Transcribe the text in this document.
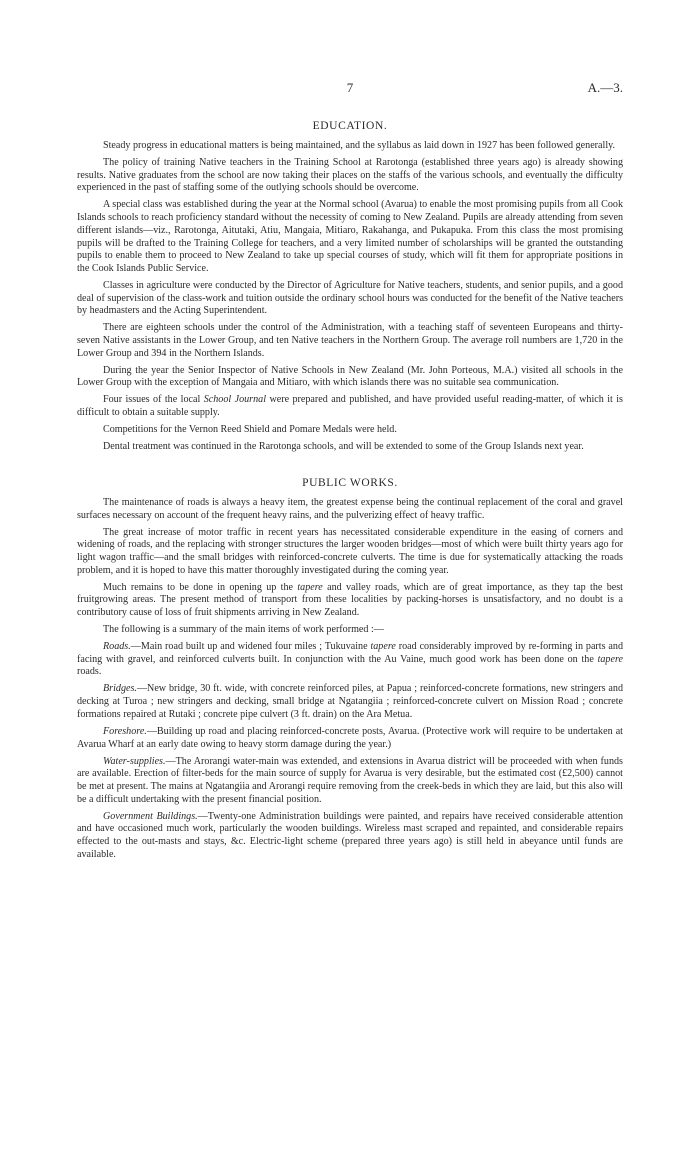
7	A.—3.
EDUCATION.

Steady progress in educational matters is being maintained, and the syllabus as laid down in 1927 has been followed generally.

The policy of training Native teachers in the Training School at Rarotonga (established three years ago) is already showing results. Native graduates from the school are now taking their places on the staffs of the various schools, and eventually the difficulty experienced in the past of staffing some of the outlying schools should be overcome.

A special class was established during the year at the Normal school (Avarua) to enable the most promising pupils from all Cook Islands schools to reach proficiency standard without the necessity of coming to New Zealand. Pupils are already attending from seven different islands—viz., Rarotonga, Aitutaki, Atiu, Mangaia, Mitiaro, Rakahanga, and Pukapuka. From this class the most promising pupils will be drafted to the Training College for teachers, and a very limited number of scholarships will be granted the outstanding pupils to enable them to proceed to New Zealand to take up special courses of study, which will fit them for appropriate positions in the Cook Islands Public Service.

Classes in agriculture were conducted by the Director of Agriculture for Native teachers, students, and senior pupils, and a good deal of supervision of the class-work and tuition outside the ordinary school hours was conducted for the benefit of the Native teachers by headmasters and the Acting Superintendent.

There are eighteen schools under the control of the Administration, with a teaching staff of seventeen Europeans and thirty-seven Native assistants in the Lower Group, and ten Native teachers in the Northern Group. The average roll numbers are 1,720 in the Lower Group and 394 in the Northern Islands.

During the year the Senior Inspector of Native Schools in New Zealand (Mr. John Porteous, M.A.) visited all schools in the Lower Group with the exception of Mangaia and Mitiaro, with which islands there was no suitable sea communication.

Four issues of the local School Journal were prepared and published, and have provided useful reading-matter, of which it is difficult to obtain a suitable supply.

Competitions for the Vernon Reed Shield and Pomare Medals were held.

Dental treatment was continued in the Rarotonga schools, and will be extended to some of the Group Islands next year.

PUBLIC WORKS.

The maintenance of roads is always a heavy item, the greatest expense being the continual replacement of the coral and gravel surfaces necessary on account of the frequent heavy rains, and the pulverizing effect of heavy traffic.

The great increase of motor traffic in recent years has necessitated considerable expenditure in the easing of corners and widening of roads, and the replacing with stronger structures the larger wooden bridges—most of which were built thirty years ago for light wagon traffic—and the small bridges with reinforced-concrete culverts. The time is due for systematically attacking the roads problem, and it is hoped to have this matter thoroughly investigated during the coming year.

Much remains to be done in opening up the tapere and valley roads, which are of great importance, as they tap the best fruitgrowing areas. The present method of transport from these localities by packing-horses is unsatisfactory, and no doubt is a contributory cause of loss of fruit shipments arriving in New Zealand.

The following is a summary of the main items of work performed :—

Roads.—Main road built up and widened four miles ; Tukuvaine tapere road considerably improved by re-forming in parts and facing with gravel, and reinforced culverts built. In conjunction with the Au Vaine, much good work has been done on the tapere roads.

Bridges.—New bridge, 30 ft. wide, with concrete reinforced piles, at Papua ; reinforced-concrete formations, new stringers and decking at Turoa ; new stringers and decking, small bridge at Ngatangiia ; reinforced-concrete culvert on Mission Road ; concrete formations repaired at Rutaki ; concrete pipe culvert (3 ft. drain) on the Ara Metua.

Foreshore.—Building up road and placing reinforced-concrete posts, Avarua. (Protective work will require to be undertaken at Avarua Wharf at an early date owing to heavy storm damage during the year.)

Water-supplies.—The Arorangi water-main was extended, and extensions in Avarua district will be proceeded with when funds are available. Erection of filter-beds for the main source of supply for Avarua is very desirable, but the estimated cost (£2,500) cannot be met at present. The mains at Ngatangiia and Arorangi require removing from the creek-beds in which they are laid, but this also will be a difficult undertaking with the present financial position.

Government Buildings.—Twenty-one Administration buildings were painted, and repairs have received considerable attention and have occasioned much work, particularly the wooden buildings. Wireless mast scraped and repainted, and considerable repairs effected to the out-masts and stays, &c. Electric-light scheme (prepared three years ago) is still held in abeyance until funds are available.
